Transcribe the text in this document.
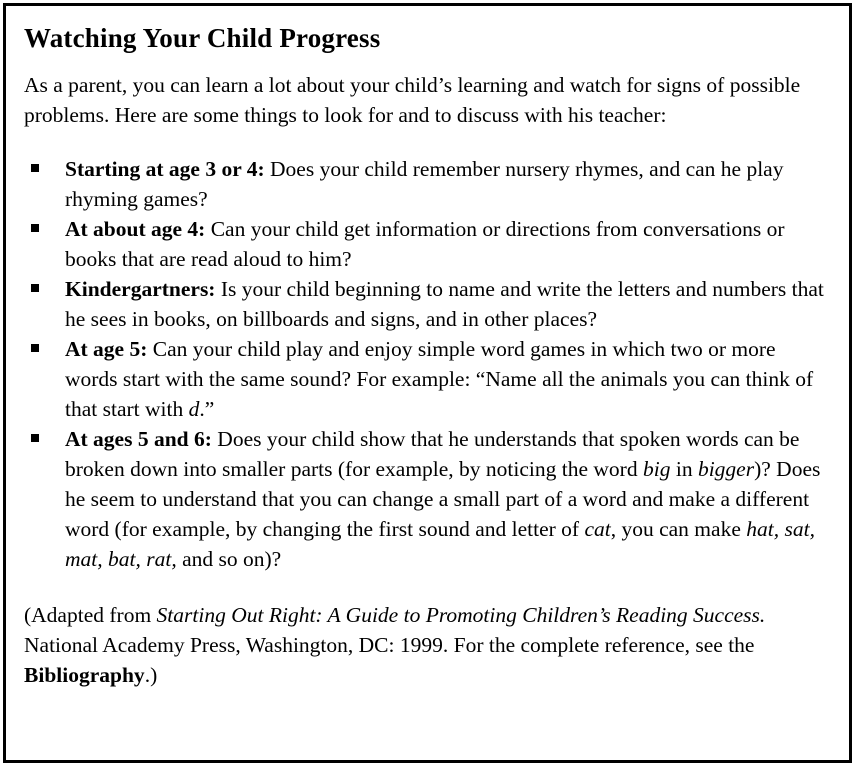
Watching Your Child Progress

As a parent, you can learn a lot about your child’s learning and watch for signs of possible problems. Here are some things to look for and to discuss with his teacher:

Starting at age 3 or 4: Does your child remember nursery rhymes, and can he play rhyming games?
At about age 4: Can your child get information or directions from conversations or books that are read aloud to him?
Kindergartners: Is your child beginning to name and write the letters and numbers that he sees in books, on billboards and signs, and in other places?
At age 5: Can your child play and enjoy simple word games in which two or more words start with the same sound? For example: “Name all the animals you can think of that start with d.”
At ages 5 and 6: Does your child show that he understands that spoken words can be broken down into smaller parts (for example, by noticing the word big in bigger)? Does he seem to understand that you can change a small part of a word and make a different word (for example, by changing the first sound and letter of cat, you can make hat, sat, mat, bat, rat, and so on)?

(Adapted from Starting Out Right: A Guide to Promoting Children’s Reading Success. National Academy Press, Washington, DC: 1999. For the complete reference, see the Bibliography.)
